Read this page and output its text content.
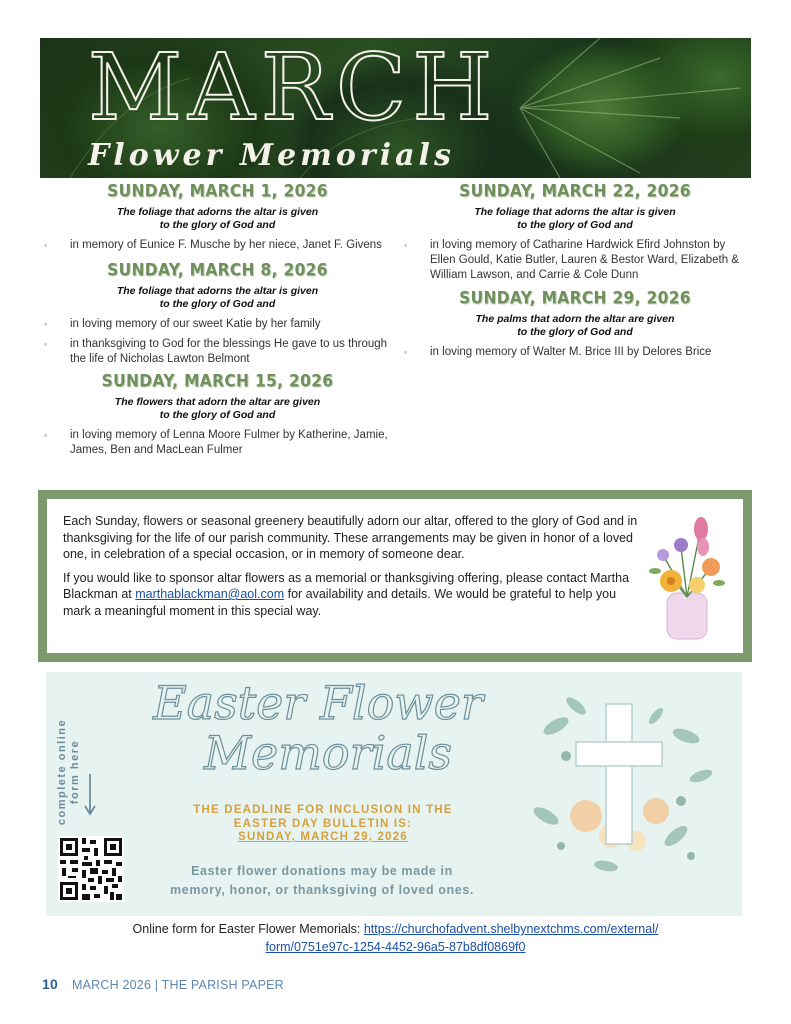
MARCH
Flower Memorials
SUNDAY, MARCH 1, 2026
The foliage that adorns the altar is given
to the glory of God and
◦ in memory of Eunice F. Musche by her niece, Janet F. Givens
SUNDAY, MARCH 8, 2026
The foliage that adorns the altar is given
to the glory of God and
◦ in loving memory of our sweet Katie by her family
◦ in thanksgiving to God for the blessings He gave to us through the life of Nicholas Lawton Belmont
SUNDAY, MARCH 15, 2026
The flowers that adorn the altar are given
to the glory of God and
◦ in loving memory of Lenna Moore Fulmer by Katherine, Jamie, James, Ben and MacLean Fulmer
SUNDAY, MARCH 22, 2026
The foliage that adorns the altar is given
to the glory of God and
◦ in loving memory of Catharine Hardwick Efird Johnston by Ellen Gould, Katie Butler, Lauren & Bestor Ward, Elizabeth & William Lawson, and Carrie & Cole Dunn
SUNDAY, MARCH 29, 2026
The palms that adorn the altar are given
to the glory of God and
◦ in loving memory of Walter M. Brice III by Delores Brice

Each Sunday, flowers or seasonal greenery beautifully adorn our altar, offered to the glory of God and in thanksgiving for the life of our parish community. These arrangements may be given in honor of a loved one, in celebration of a special occasion, or in memory of someone dear.

If you would like to sponsor altar flowers as a memorial or thanksgiving offering, please contact Martha Blackman at marthablackman@aol.com for availability and details. We would be grateful to help you mark a meaningful moment in this special way.

complete online form here
Easter Flower
Memorials
THE DEADLINE FOR INCLUSION IN THE
EASTER DAY BULLETIN IS:
SUNDAY, MARCH 29, 2026
Easter flower donations may be made in
memory, honor, or thanksgiving of loved ones.
Online form for Easter Flower Memorials: https://churchofadvent.shelbynextchms.com/external/
form/0751e97c-1254-4452-96a5-87b8df0869f0
10 MARCH 2026 | THE PARISH PAPER
